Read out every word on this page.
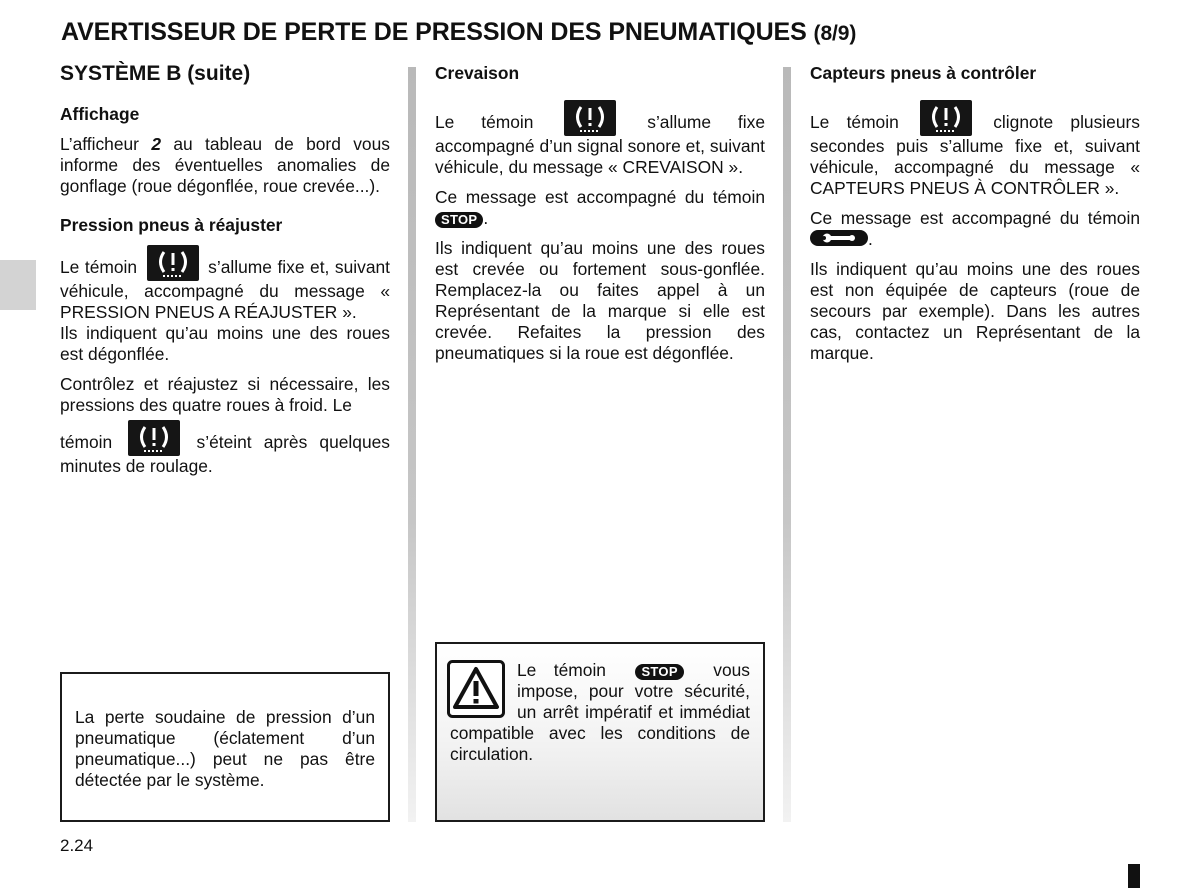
AVERTISSEUR DE PERTE DE PRESSION DES PNEUMATIQUES (8/9)
SYSTÈME B (suite)
Affichage

L’afficheur 2 au tableau de bord vous informe des éventuelles anomalies de gonflage (roue dégonflée, roue crevée...).

Pression pneus à réajuster

Le témoin	s’allume fixe et, suivant véhicule, accompagné du message « PRESSION PNEUS A RÉAJUSTER ».

Ils indiquent qu’au moins une des roues est dégonflée.

Contrôlez et réajustez si nécessaire, les pressions des quatre roues à froid. Le

témoin	s’éteint après quelques minutes de roulage.

Crevaison

Le témoin	s’allume fixe accompagné d’un signal sonore et, suivant véhicule, du message « CREVAISON ».

Ce message est accompagné du témoin STOP .

Ils indiquent qu’au moins une des roues est crevée ou fortement sous-gonflée. Remplacez-la ou faites appel à un Représentant de la marque si elle est crevée. Refaites la pression des pneumatiques si la roue est dégonflée.

Capteurs pneus à contrôler

Le témoin	clignote plusieurs secondes puis s’allume fixe et, suivant véhicule, accompagné du message « CAPTEURS PNEUS À CONTRÔLER ».

Ce message est accompagné du témoin
.

Ils indiquent qu’au moins une des roues est non équipée de capteurs (roue de secours par exemple). Dans les autres cas, contactez un Représentant de la marque.

La perte soudaine de pression d’un pneumatique (éclatement d’un pneumatique...) peut ne pas être détectée par le système.
Le témoin	STOP vous impose, pour votre sécurité, un arrêt impératif et immédiat compatible avec les conditions de circulation.
2.24
